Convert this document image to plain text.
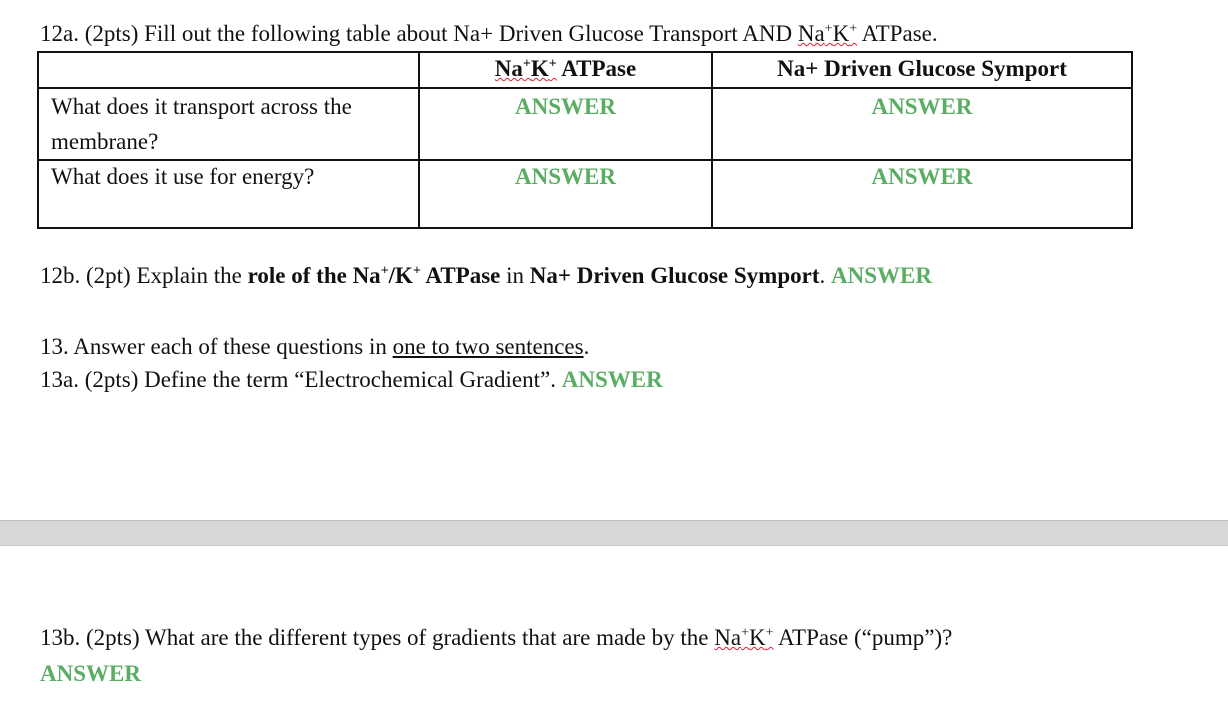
12a. (2pts) Fill out the following table about Na+ Driven Glucose Transport AND Na+K+ ATPase.
	Na+K+ ATPase	Na+ Driven Glucose Symport
What does it transport across the membrane?	ANSWER	ANSWER
What does it use for energy?	ANSWER	ANSWER
12b. (2pt) Explain the role of the Na+/K+ ATPase in Na+ Driven Glucose Symport. ANSWER
13. Answer each of these questions in one to two sentences.
13a. (2pts) Define the term “Electrochemical Gradient”. ANSWER
13b. (2pts) What are the different types of gradients that are made by the Na+K+ ATPase (“pump”)?
ANSWER
